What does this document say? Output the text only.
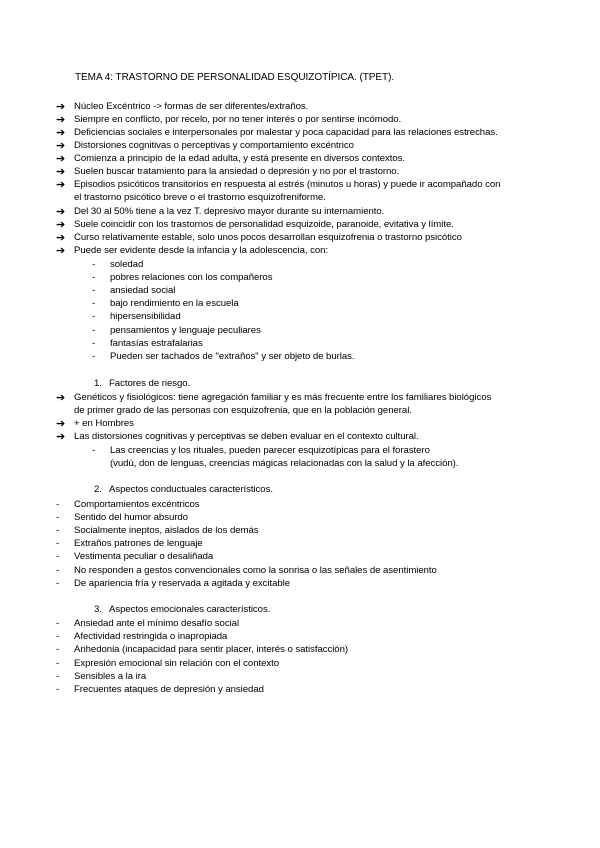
TEMA 4: TRASTORNO DE PERSONALIDAD ESQUIZOTÍPICA. (TPET).
➔ Núcleo Excéntrico -> formas de ser diferentes/extraños.
➔ Siempre en conflicto, por recelo, por no tener interés o por sentirse incómodo.
➔ Deficiencias sociales e interpersonales por malestar y poca capacidad para las relaciones estrechas.
➔ Distorsiones cognitivas o perceptivas y comportamiento excéntrico
➔ Comienza a principio de la edad adulta, y está presente en diversos contextos.
➔ Suelen buscar tratamiento para la ansiedad o depresión y no por el trastorno.
➔ Episodios psicóticos transitorios en respuesta al estrés (minutos u horas) y puede ir acompañado con
el trastorno psicótico breve o el trastorno esquizofreniforme.
➔ Del 30 al 50% tiene a la vez T. depresivo mayor durante su internamiento.
➔ Suele coincidir con los trastornos de personalidad esquizoide, paranoide, evitativa y límite.
➔ Curso relativamente estable, solo unos pocos desarrollan esquizofrenia o trastorno psicótico
➔ Puede ser evidente desde la infancia y la adolescencia, con:
- soledad
- pobres relaciones con los compañeros
- ansiedad social
- bajo rendimiento en la escuela
- hipersensibilidad
- pensamientos y lenguaje peculiares
- fantasías estrafalarias
- Pueden ser tachados de "extraños" y ser objeto de burlas.
1. Factores de riesgo.
➔ Genéticos y fisiológicos: tiene agregación familiar y es más frecuente entre los familiares biológicos
de primer grado de las personas con esquizofrenia, que en la población general.
➔ + en Hombres
➔ Las distorsiones cognitivas y perceptivas se deben evaluar en el contexto cultural.
- Las creencias y los rituales, pueden parecer esquizotípicas para el forastero
(vudú, don de lenguas, creencias mágicas relacionadas con la salud y la afección).
2. Aspectos conductuales característicos.
- Comportamientos excéntricos
- Sentido del humor absurdo
- Socialmente ineptos, aislados de los demás
- Extraños patrones de lenguaje
- Vestimenta peculiar o desaliñada
- No responden a gestos convencionales como la sonrisa o las señales de asentimiento
- De apariencia fría y reservada a agitada y excitable
3. Aspectos emocionales característicos.
- Ansiedad ante el mínimo desafío social
- Afectividad restringida o inapropiada
- Anhedonia (incapacidad para sentir placer, interés o satisfacción)
- Expresión emocional sin relación con el contexto
- Sensibles a la ira
- Frecuentes ataques de depresión y ansiedad
